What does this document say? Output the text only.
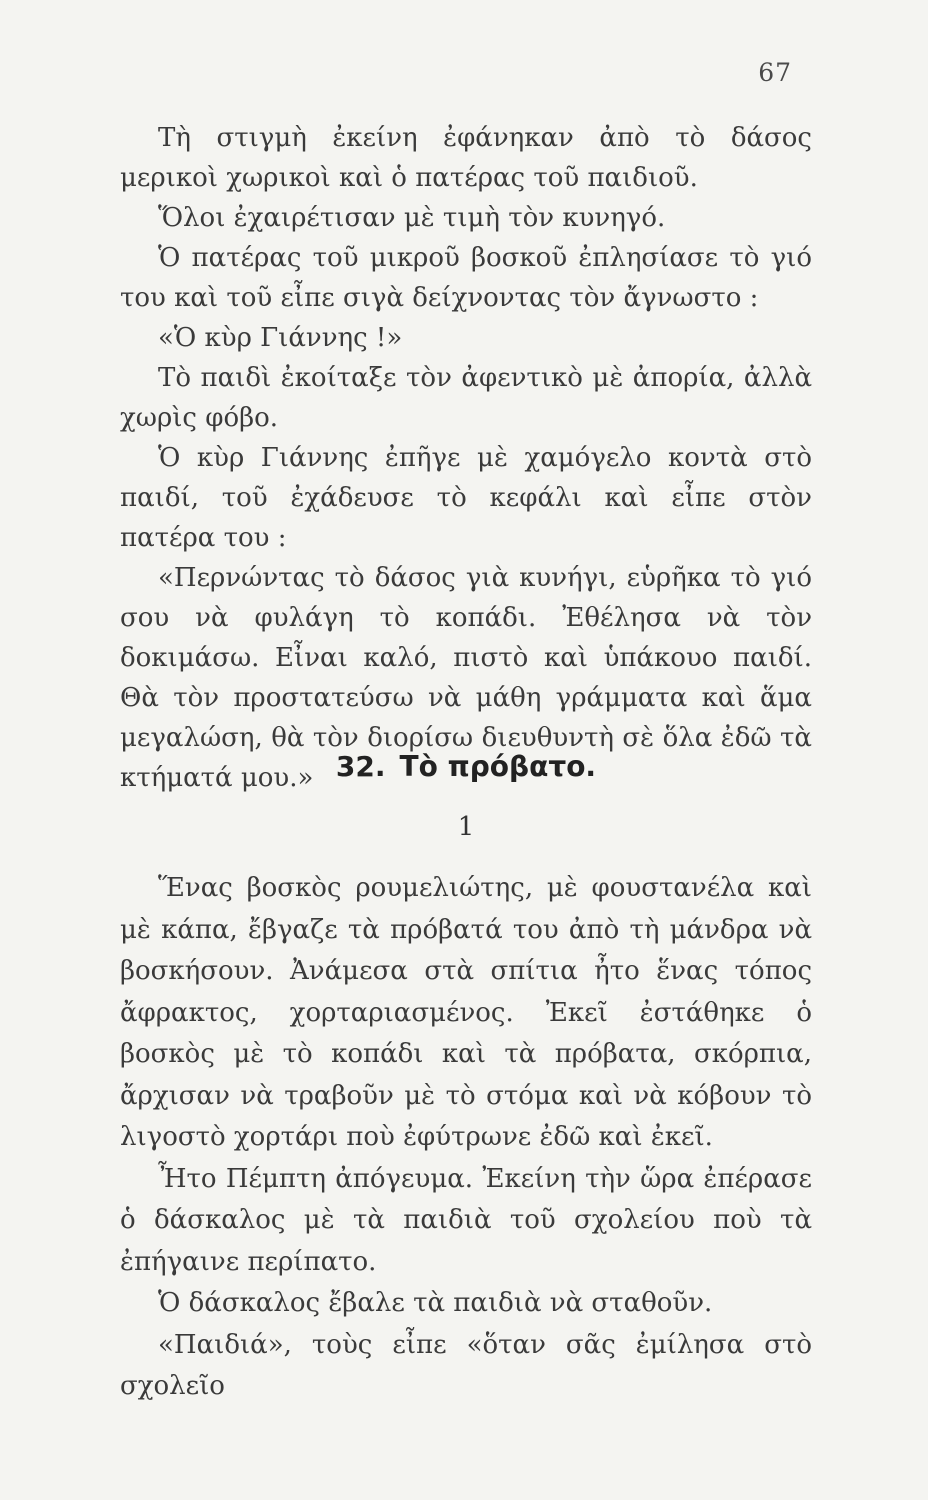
67

Τὴ στιγμὴ ἐκείνη ἐφάνηκαν ἀπὸ τὸ δάσος μερικοὶ χωρικοὶ καὶ ὁ πατέρας τοῦ παιδιοῦ.

Ὅλοι ἐχαιρέτισαν μὲ τιμὴ τὸν κυνηγό.

Ὁ πατέρας τοῦ μικροῦ βοσκοῦ ἐπλησίασε τὸ γιό του καὶ τοῦ εἶπε σιγὰ δείχνοντας τὸν ἄγνωστο :

«Ὁ κὺρ Γιάννης !»

Τὸ παιδὶ ἐκοίταξε τὸν ἀφεντικὸ μὲ ἀπορία, ἀλλὰ χωρὶς φόβο.

Ὁ κὺρ Γιάννης ἐπῆγε μὲ χαμόγελο κοντὰ στὸ παιδί, τοῦ ἐχάδευσε τὸ κεφάλι καὶ εἶπε στὸν πατέρα του :

«Περνώντας τὸ δάσος γιὰ κυνήγι, εὑρῆκα τὸ γιό σου νὰ φυλάγη τὸ κοπάδι. Ἐθέλησα νὰ τὸν δοκιμάσω. Εἶναι καλό, πιστὸ καὶ ὑπάκουο παιδί. Θὰ τὸν προστατεύσω νὰ μάθη γράμματα καὶ ἅμα μεγαλώση, θὰ τὸν διορίσω διευθυντὴ σὲ ὅλα ἐδῶ τὰ κτήματά μου.» 32. Τὸ πρόβατο.
1

Ἕνας βοσκὸς ρουμελιώτης, μὲ φουστανέλα καὶ μὲ κάπα, ἔβγαζε τὰ πρόβατά του ἀπὸ τὴ μάνδρα νὰ βοσκήσουν. Ἀνάμεσα στὰ σπίτια ἦτο ἕνας τόπος ἄφρακτος, χορταριασμένος. Ἐκεῖ ἐστάθηκε ὁ βοσκὸς μὲ τὸ κοπάδι καὶ τὰ πρόβατα, σκόρπια, ἄρχισαν νὰ τραβοῦν μὲ τὸ στόμα καὶ νὰ κόβουν τὸ λιγοστὸ χορτάρι ποὺ ἐφύτρωνε ἐδῶ καὶ ἐκεῖ.

Ἦτο Πέμπτη ἀπόγευμα. Ἐκείνη τὴν ὥρα ἐπέρασε ὁ δάσκαλος μὲ τὰ παιδιὰ τοῦ σχολείου ποὺ τὰ ἐπήγαινε περίπατο.

Ὁ δάσκαλος ἔβαλε τὰ παιδιὰ νὰ σταθοῦν.

«Παιδιά», τοὺς εἶπε «ὅταν σᾶς ἐμίλησα στὸ σχολεῖο
